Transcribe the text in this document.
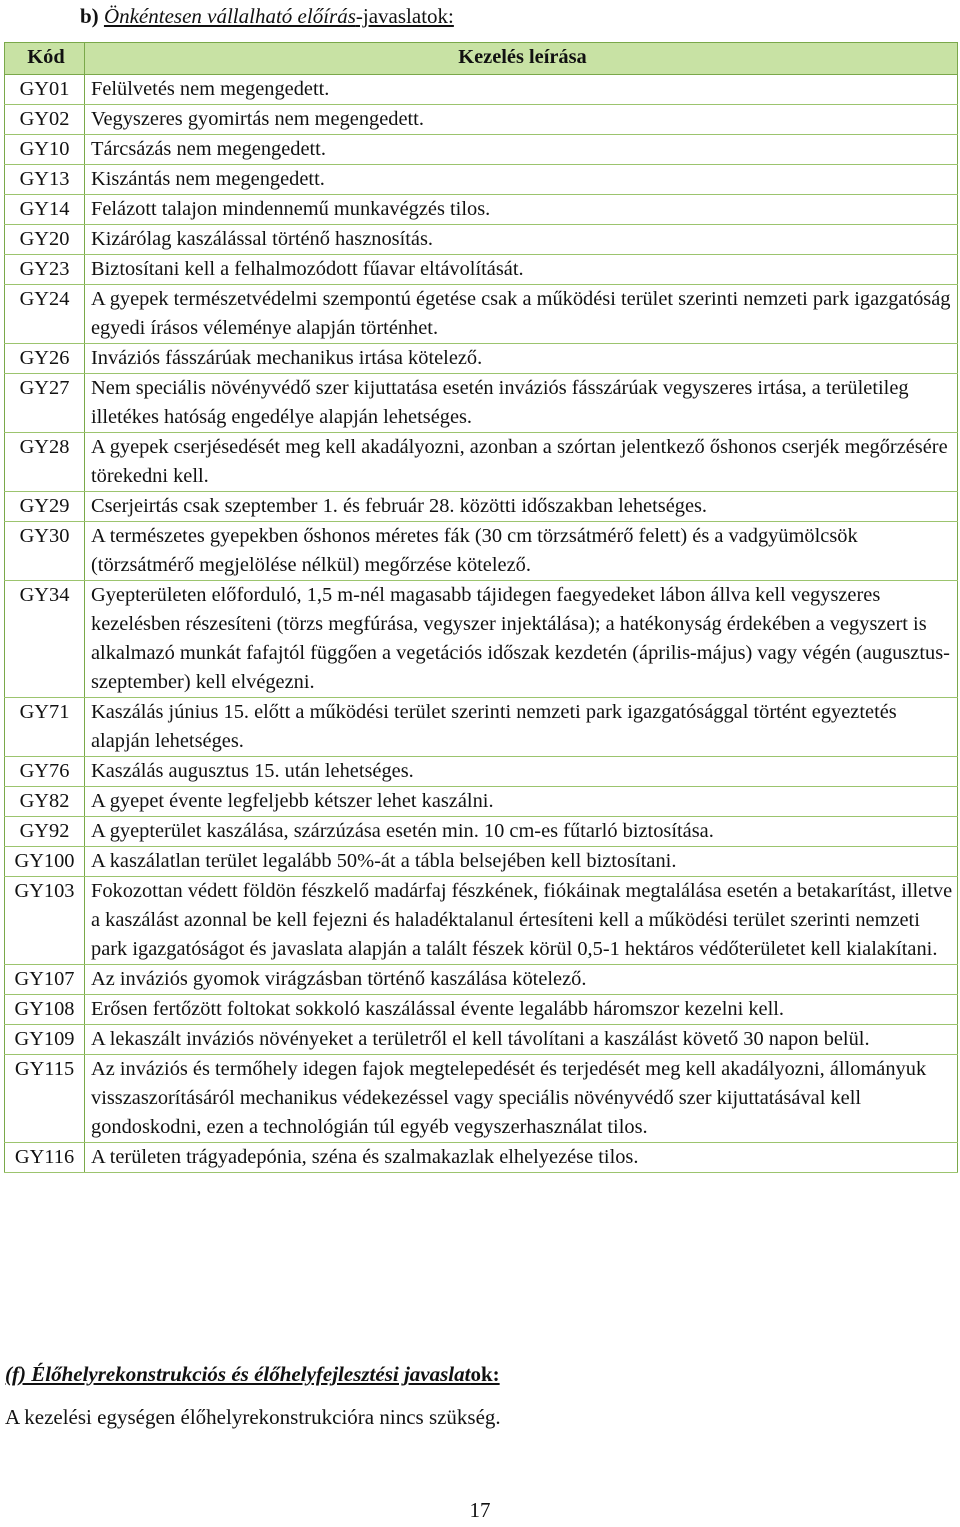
b) Önkéntesen vállalható előírás-javaslatok:
Kód	Kezelés leírása
GY01	Felülvetés nem megengedett.
GY02	Vegyszeres gyomirtás nem megengedett.
GY10	Tárcsázás nem megengedett.
GY13	Kiszántás nem megengedett.
GY14	Felázott talajon mindennemű munkavégzés tilos.
GY20	Kizárólag kaszálással történő hasznosítás.
GY23	Biztosítani kell a felhalmozódott fűavar eltávolítását.
GY24	A gyepek természetvédelmi szempontú égetése csak a működési terület szerinti nemzeti park igazgatóság egyedi írásos véleménye alapján történhet.
GY26	Inváziós fásszárúak mechanikus irtása kötelező.
GY27	Nem speciális növényvédő szer kijuttatása esetén inváziós fásszárúak vegyszeres irtása, a területileg illetékes hatóság engedélye alapján lehetséges.
GY28	A gyepek cserjésedését meg kell akadályozni, azonban a szórtan jelentkező őshonos cserjék megőrzésére törekedni kell.
GY29	Cserjeirtás csak szeptember 1. és február 28. közötti időszakban lehetséges.
GY30	A természetes gyepekben őshonos méretes fák (30 cm törzsátmérő felett) és a vadgyümölcsök (törzsátmérő megjelölése nélkül) megőrzése kötelező.
GY34	Gyepterületen előforduló, 1,5 m-nél magasabb tájidegen faegyedeket lábon állva kell vegyszeres kezelésben részesíteni (törzs megfúrása, vegyszer injektálása); a hatékonyság érdekében a vegyszert is alkalmazó munkát fafajtól függően a vegetációs időszak kezdetén (április-május) vagy végén (augusztus-szeptember) kell elvégezni.
GY71	Kaszálás június 15. előtt a működési terület szerinti nemzeti park igazgatósággal történt egyeztetés alapján lehetséges.
GY76	Kaszálás augusztus 15. után lehetséges.
GY82	A gyepet évente legfeljebb kétszer lehet kaszálni.
GY92	A gyepterület kaszálása, szárzúzása esetén min. 10 cm-es fűtarló biztosítása.
GY100	A kaszálatlan terület legalább 50%-át a tábla belsejében kell biztosítani.
GY103	Fokozottan védett földön fészkelő madárfaj fészkének, fiókáinak megtalálása esetén a betakarítást, illetve a kaszálást azonnal be kell fejezni és haladéktalanul értesíteni kell a működési terület szerinti nemzeti park igazgatóságot és javaslata alapján a talált fészek körül 0,5-1 hektáros védőterületet kell kialakítani.
GY107	Az inváziós gyomok virágzásban történő kaszálása kötelező.
GY108	Erősen fertőzött foltokat sokkoló kaszálással évente legalább háromszor kezelni kell.
GY109	A lekaszált inváziós növényeket a területről el kell távolítani a kaszálást követő 30 napon belül.
GY115	Az inváziós és termőhely idegen fajok megtelepedését és terjedését meg kell akadályozni, állományuk visszaszorításáról mechanikus védekezéssel vagy speciális növényvédő szer kijuttatásával kell gondoskodni, ezen a technológián túl egyéb vegyszerhasználat tilos.
GY116	A területen trágyadepónia, széna és szalmakazlak elhelyezése tilos.
(f) Élőhelyrekonstrukciós és élőhelyfejlesztési javaslatok:
A kezelési egységen élőhelyrekonstrukcióra nincs szükség.
17
